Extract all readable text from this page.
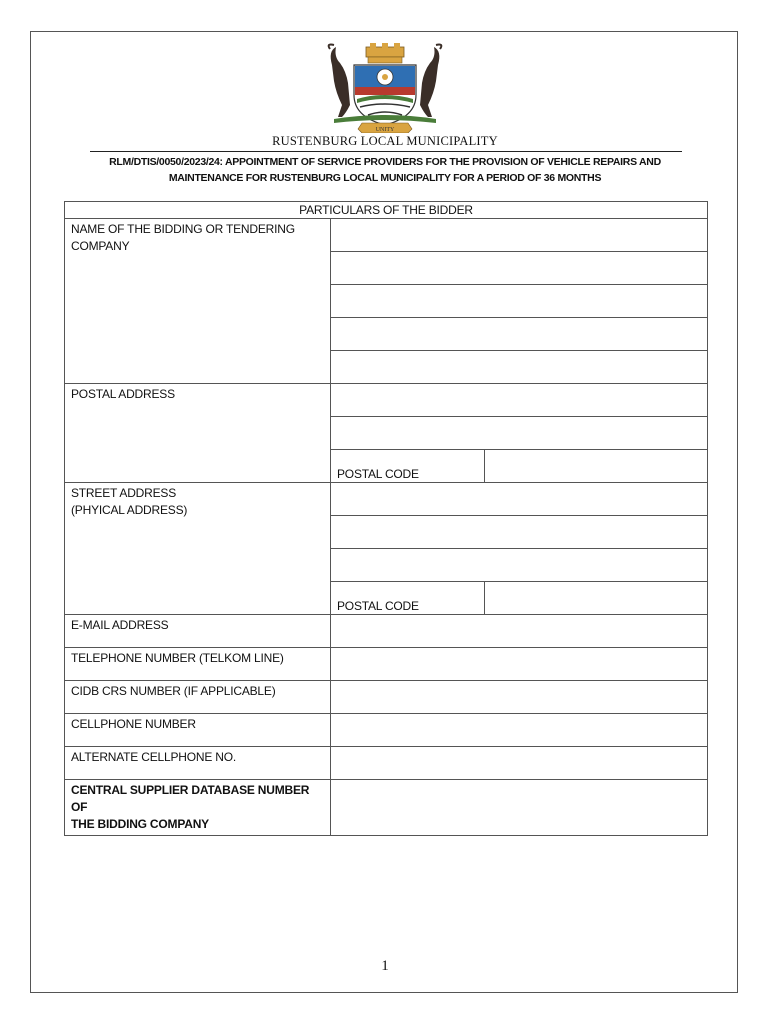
UNITY
RUSTENBURG LOCAL MUNICIPALITY
RLM/DTIS/0050/2023/24: APPOINTMENT OF SERVICE PROVIDERS FOR THE PROVISION OF VEHICLE REPAIRS AND
MAINTENANCE FOR RUSTENBURG LOCAL MUNICIPALITY FOR A PERIOD OF 36 MONTHS
PARTICULARS OF THE BIDDER	

NAME OF THE BIDDING OR TENDERING
COMPANY	

POSTAL ADDRESS	

	POSTAL CODE

STREET ADDRESS
(PHYICAL ADDRESS)	

	POSTAL CODE

E-MAIL ADDRESS	
TELEPHONE NUMBER (TELKOM LINE)	
CIDB CRS NUMBER (IF APPLICABLE)	
CELLPHONE NUMBER	
ALTERNATE CELLPHONE NO.	

CENTRAL SUPPLIER DATABASE NUMBER OF
THE BIDDING COMPANY	

1
